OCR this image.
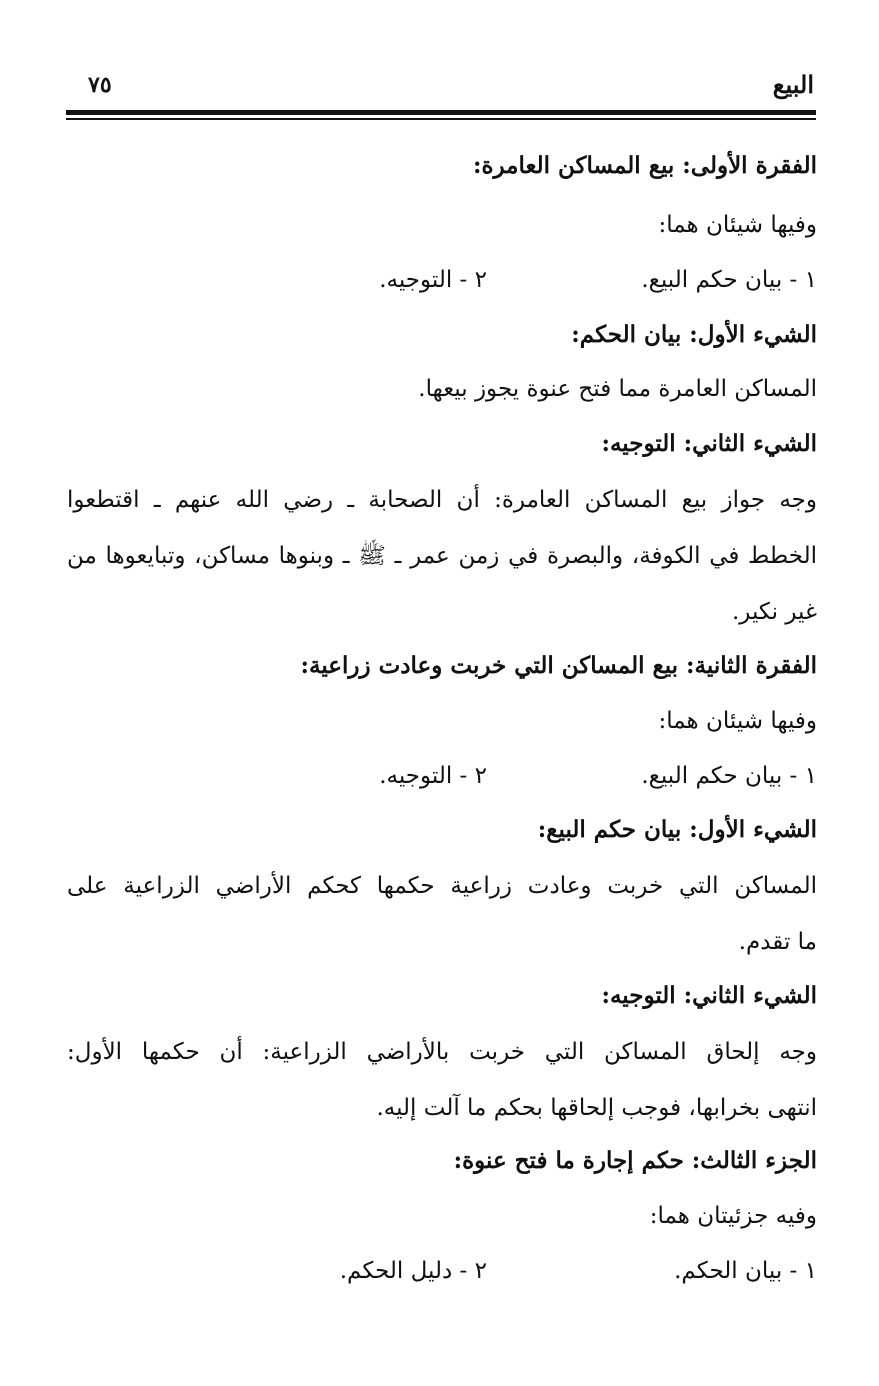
البيع
٧٥
الفقرة الأولى: بيع المساكن العامرة:
وفيها شيئان هما:
١ - بيان حكم البيع.
٢ - التوجيه.
الشيء الأول: بيان الحكم:
المساكن العامرة مما فتح عنوة يجوز بيعها.
الشيء الثاني: التوجيه:
وجه جواز بيع المساكن العامرة: أن الصحابة ـ رضي الله عنهم ـ اقتطعوا
الخطط في الكوفة، والبصرة في زمن عمر ـ ﷺ ـ وبنوها مساكن، وتبايعوها من
غير نكير.
الفقرة الثانية: بيع المساكن التي خربت وعادت زراعية:
وفيها شيئان هما:
١ - بيان حكم البيع.
٢ - التوجيه.
الشيء الأول: بيان حكم البيع:
المساكن التي خربت وعادت زراعية حكمها كحكم الأراضي الزراعية على
ما تقدم.
الشيء الثاني: التوجيه:
وجه إلحاق المساكن التي خربت بالأراضي الزراعية: أن حكمها الأول:
انتهى بخرابها، فوجب إلحاقها بحكم ما آلت إليه.
الجزء الثالث: حكم إجارة ما فتح عنوة:
وفيه جزئيتان هما:
١ - بيان الحكم.
٢ - دليل الحكم.
